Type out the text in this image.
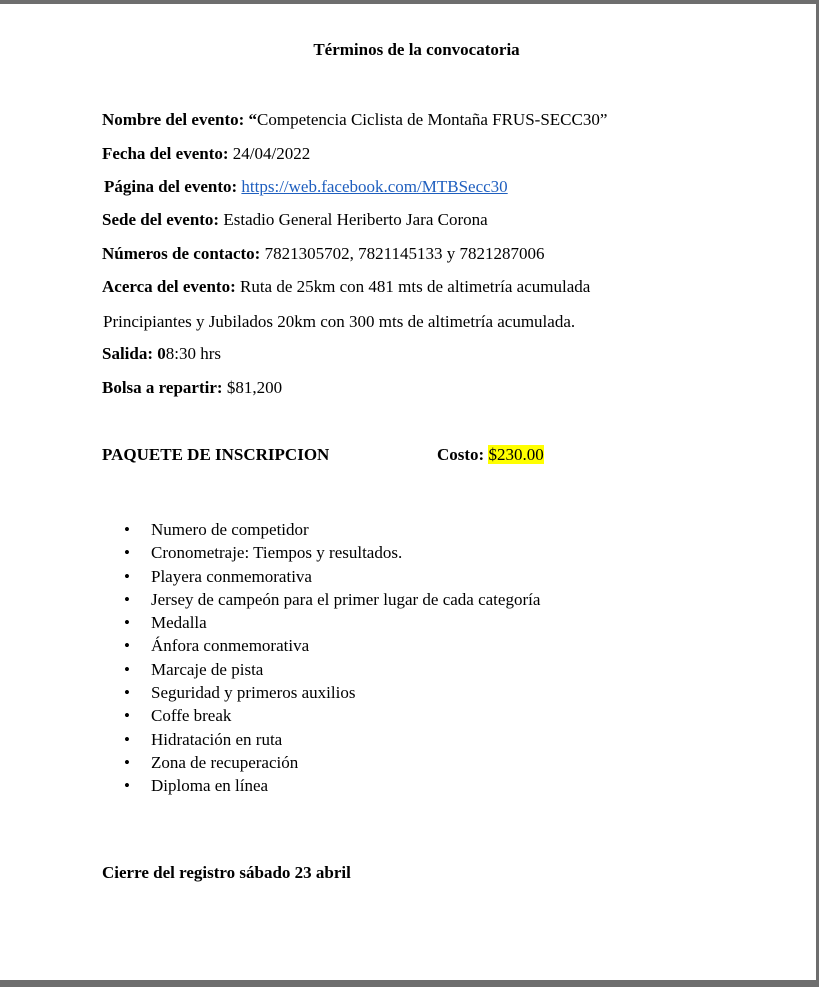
Términos de la convocatoria
Nombre del evento: “Competencia Ciclista de Montaña FRUS-SECC30”
Fecha del evento: 24/04/2022
Página del evento: https://web.facebook.com/MTBSecc30
Sede del evento: Estadio General Heriberto Jara Corona
Números de contacto: 7821305702, 7821145133 y 7821287006
Acerca del evento: Ruta de 25km con 481 mts de altimetría acumulada
Principiantes y Jubilados 20km con 300 mts de altimetría acumulada.
Salida: 08:30 hrs
Bolsa a repartir: $81,200
PAQUETE DE INSCRIPCION	Costo: $230.00
• Numero de competidor
• Cronometraje: Tiempos y resultados.
• Playera conmemorativa
• Jersey de campeón para el primer lugar de cada categoría
• Medalla
• Ánfora conmemorativa
• Marcaje de pista
• Seguridad y primeros auxilios
• Coffe break
• Hidratación en ruta
• Zona de recuperación
• Diploma en línea
Cierre del registro sábado 23 abril
